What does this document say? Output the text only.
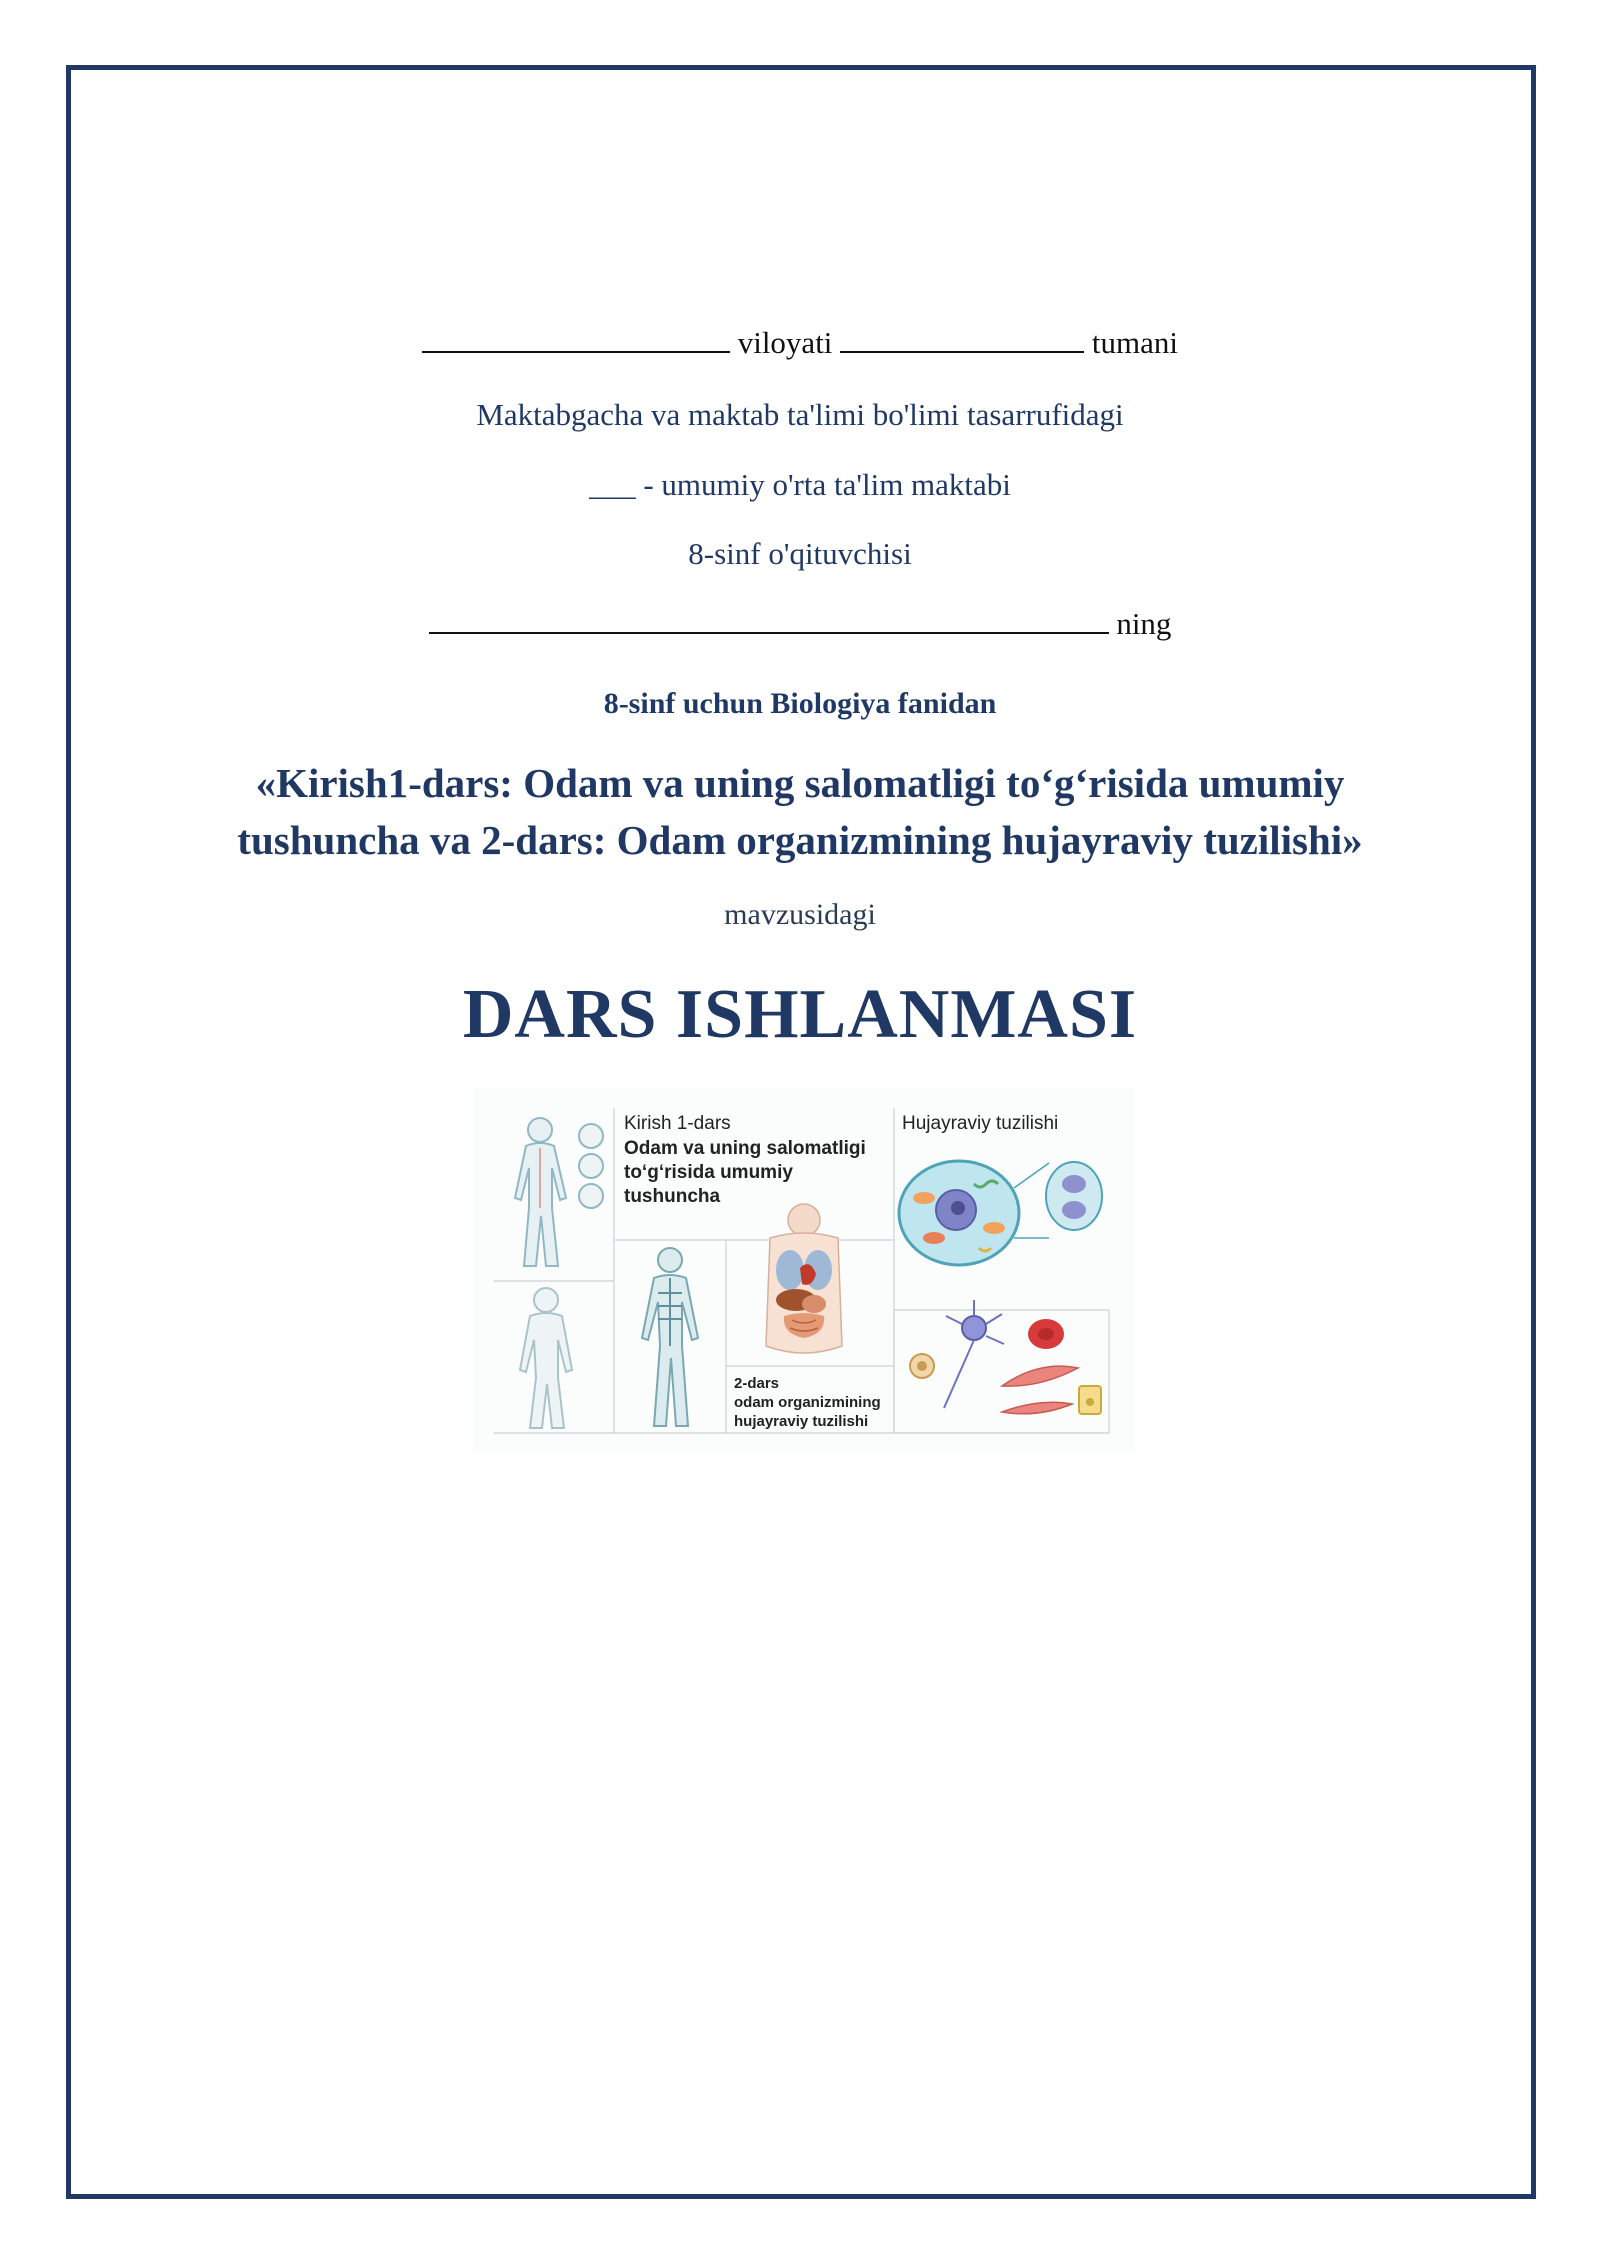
viloyati	tumani
Maktabgacha va maktab ta'limi bo'limi tasarrufidagi
___ - umumiy o'rta ta'lim maktabi
8-sinf o'qituvchisi
ning
8-sinf uchun Biologiya fanidan
«Kirish1-dars: Odam va uning salomatligi to‘g‘risida umumiy
tushuncha va 2-dars: Odam organizmining hujayraviy tuzilishi»
mavzusidagi
DARS ISHLANMASI
Kirish 1-dars
Odam va uning salomatligi
to‘g‘risida umumiy
tushuncha
Hujayraviy tuzilishi
2-dars
odam organizmining
hujayraviy tuzilishi
